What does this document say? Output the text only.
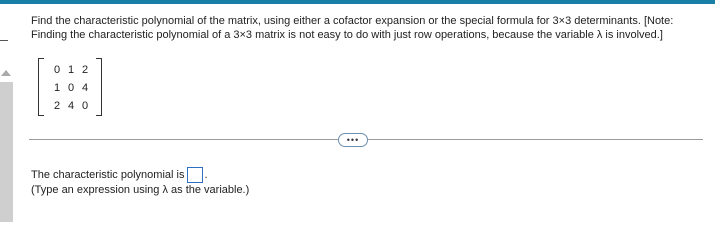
Find the characteristic polynomial of the matrix, using either a cofactor expansion or the special formula for 3×3 determinants. [Note:

Finding the characteristic polynomial of a 3×3 matrix is not easy to do with just row operations, because the variable λ is involved.]

0 1 2
1 0 4
2 4 0
•••
The characteristic polynomial is .
(Type an expression using λ as the variable.)
